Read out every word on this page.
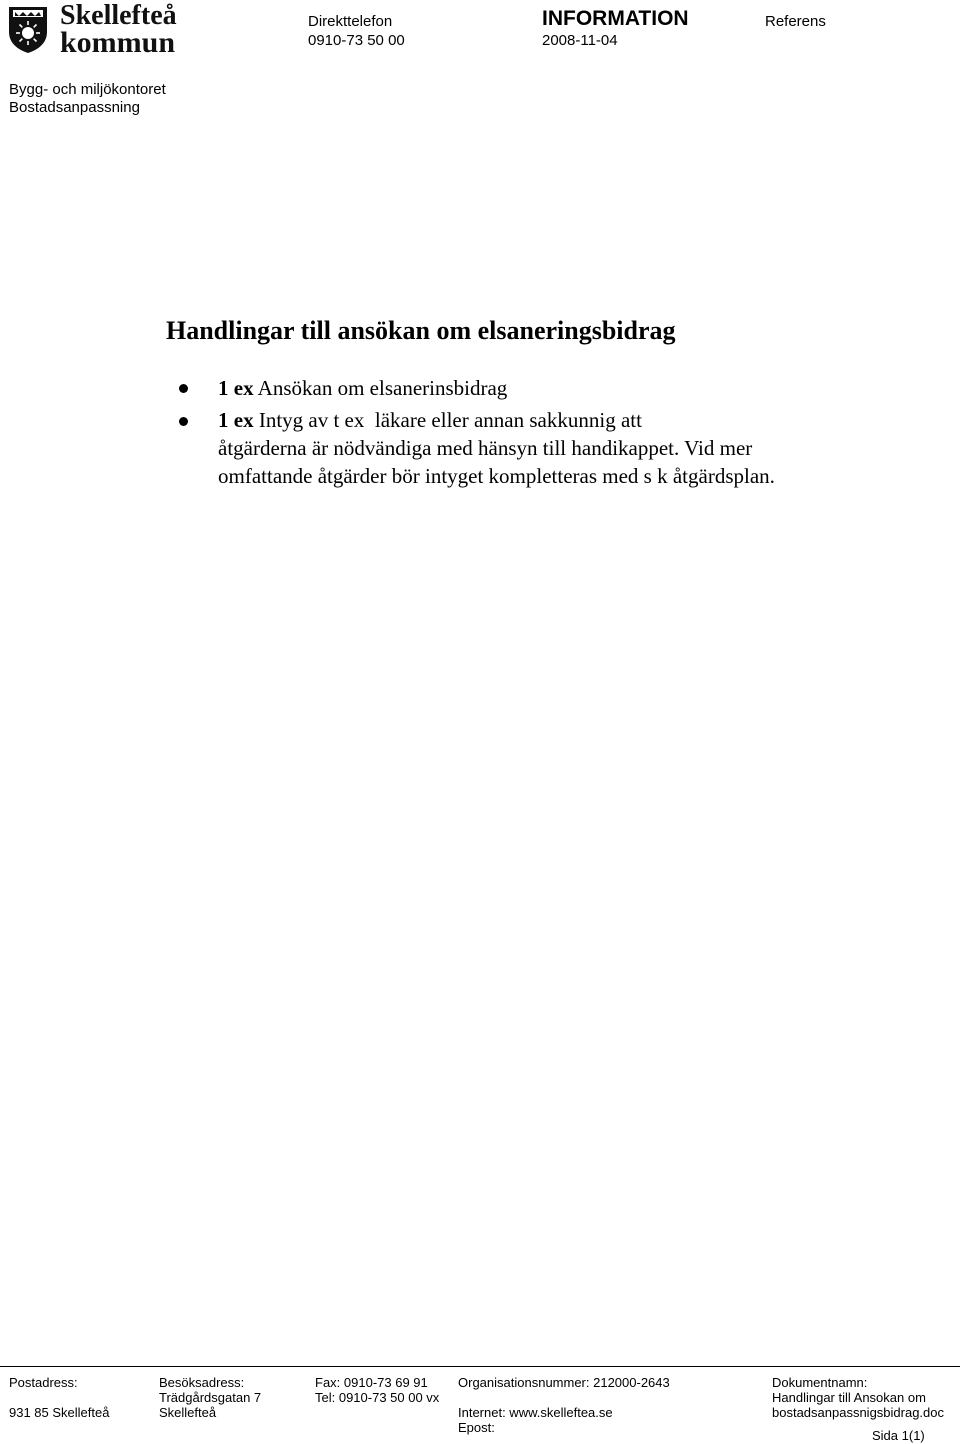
Skellefteå
kommun
Direkttelefon
0910-73 50 00
INFORMATION
2008-11-04
Referens
Bygg- och miljökontoret
Bostadsanpassning
Handlingar till ansökan om elsaneringsbidrag
1 ex Ansökan om elsanerinsbidrag
1 ex Intyg av t ex  läkare eller annan sakkunnig att
åtgärderna är nödvändiga med hänsyn till handikappet. Vid mer
omfattande åtgärder bör intyget kompletteras med s k åtgärdsplan.
Postadress:
931 85 Skellefteå
Besöksadress:
Trädgårdsgatan 7
Skellefteå
Fax: 0910-73 69 91
Tel: 0910-73 50 00 vx
Organisationsnummer: 212000-2643
Internet: www.skelleftea.se
Epost:
Dokumentnamn:
Handlingar till Ansokan om
bostadsanpassnigsbidrag.doc
Sida 1(1)
